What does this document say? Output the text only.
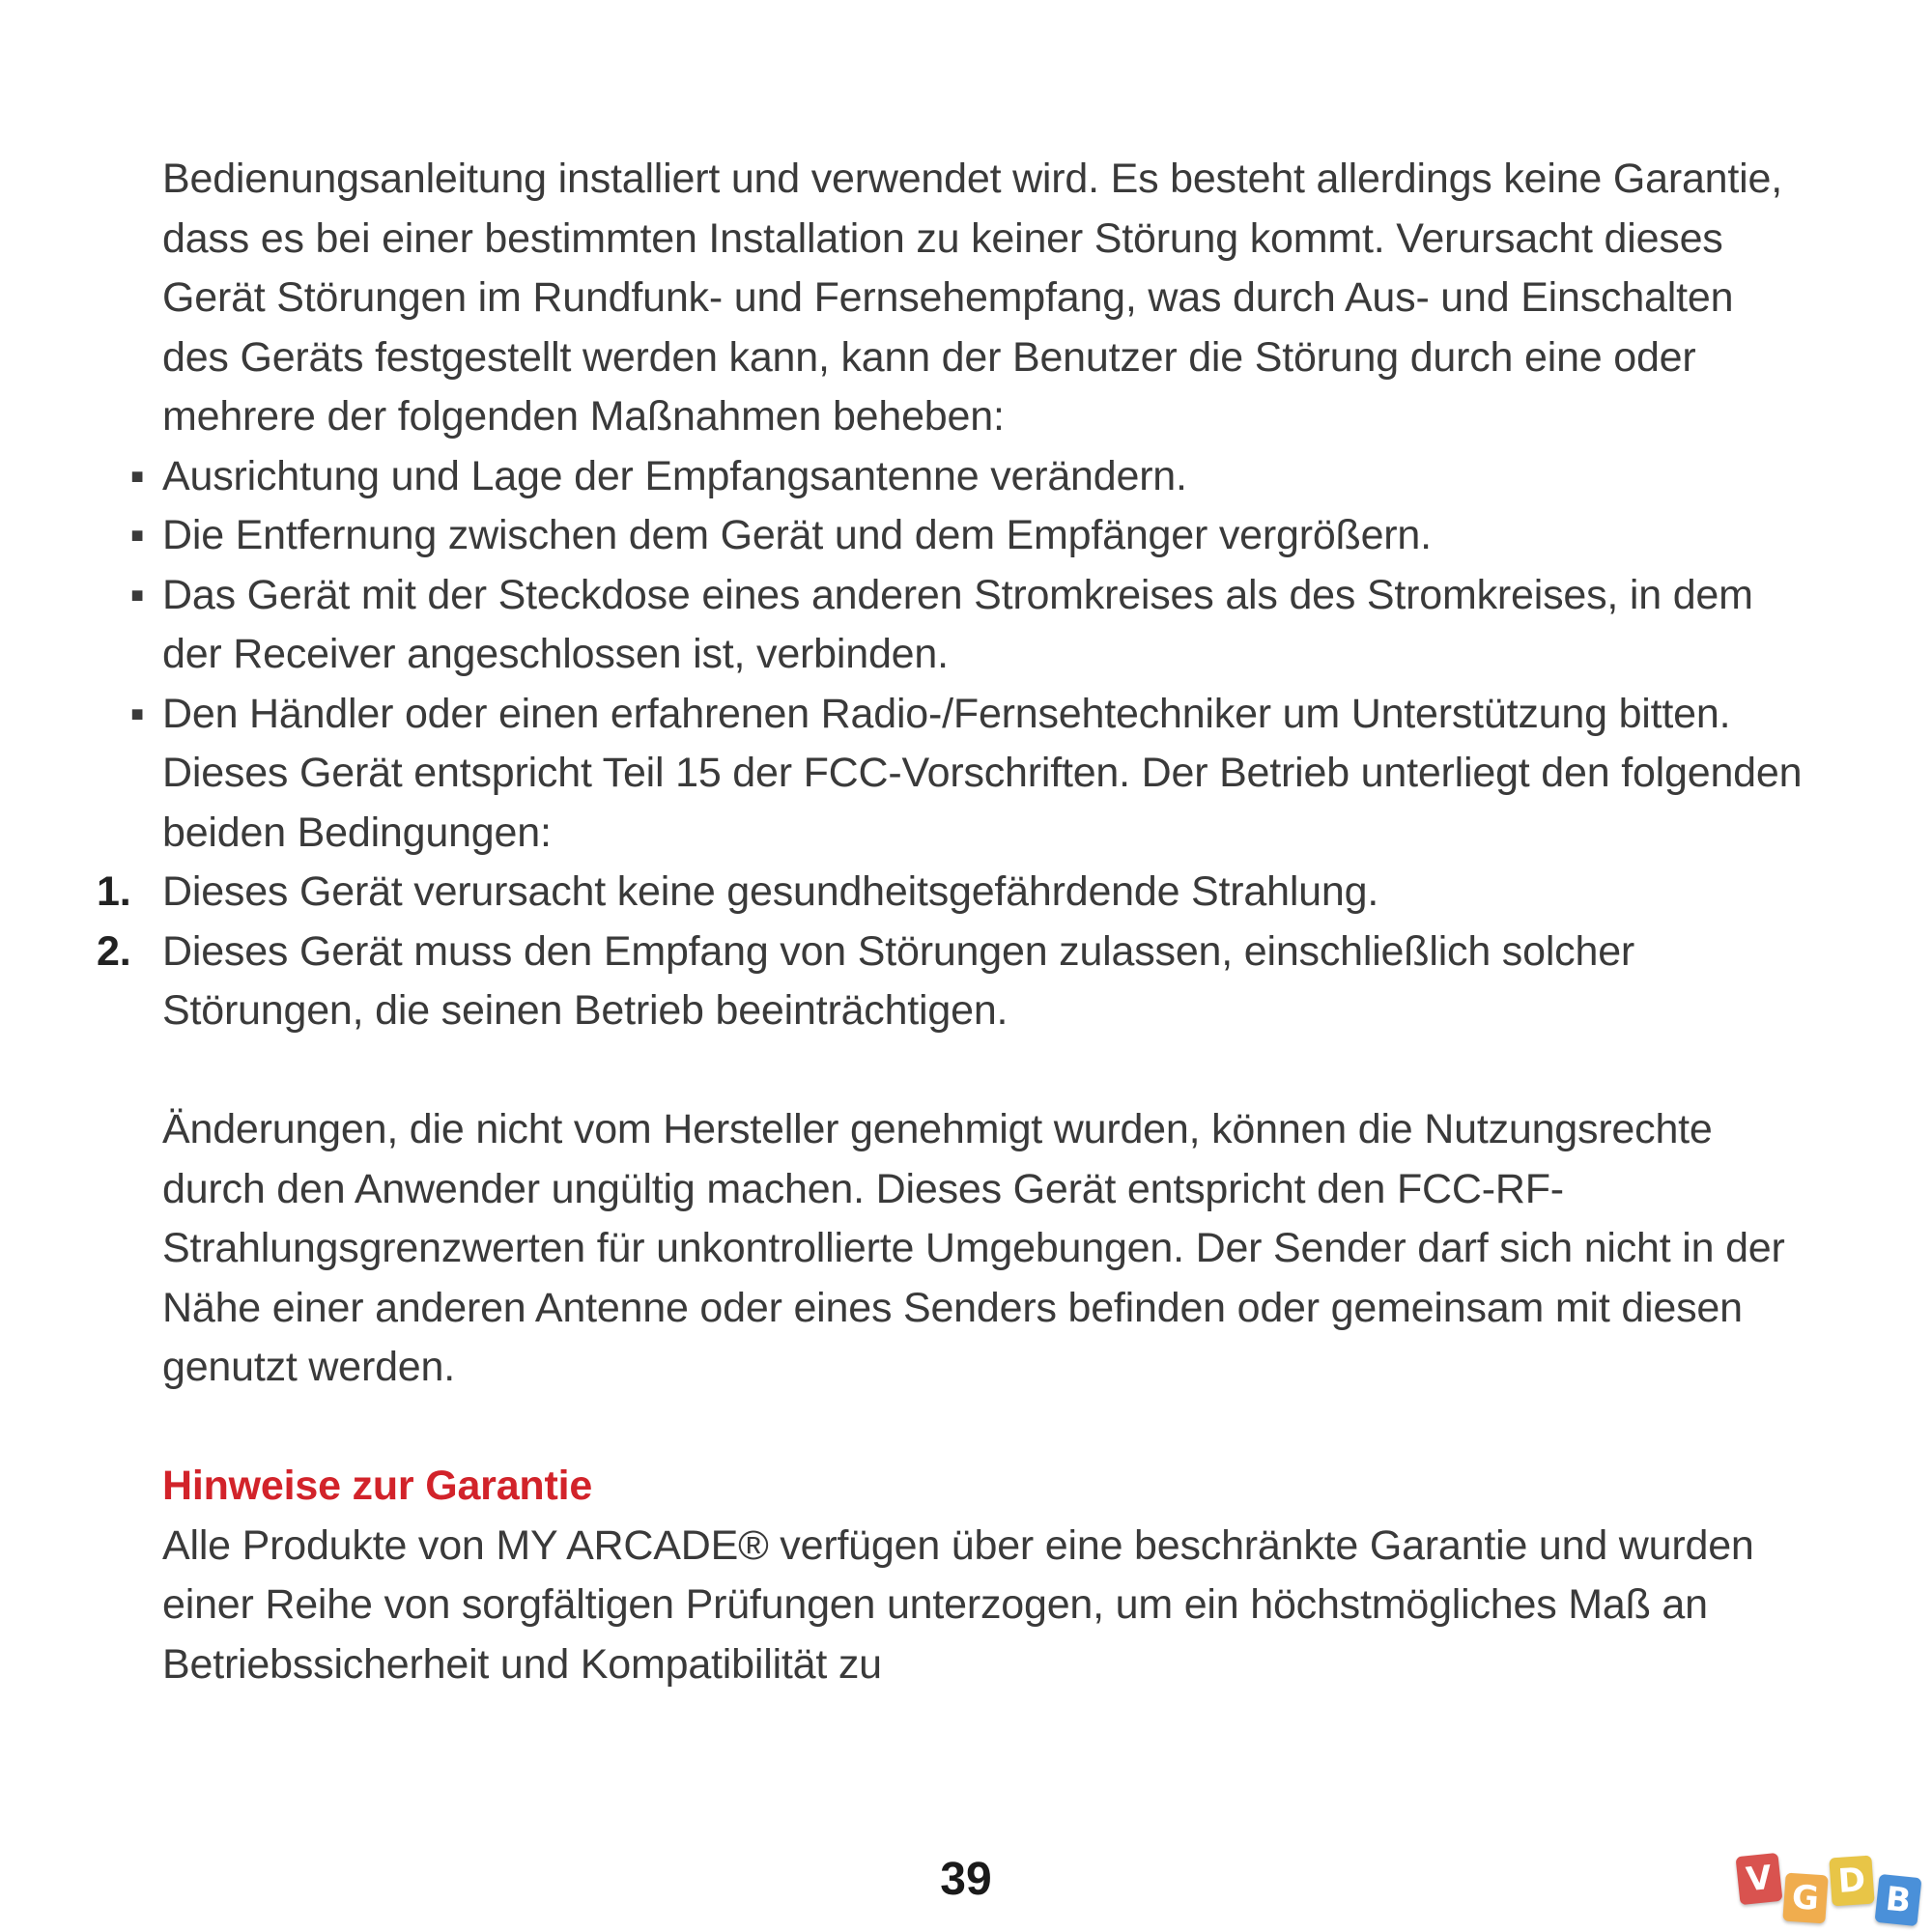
Bedienungsanleitung installiert und verwendet wird. Es besteht allerdings keine Garantie, dass es bei einer bestimmten Installation zu keiner Störung kommt. Verursacht dieses Gerät Störungen im Rundfunk- und Fernsehempfang, was durch Aus- und Einschalten des Geräts festgestellt werden kann, kann der Benutzer die Störung durch eine oder mehrere der folgenden Maßnahmen beheben:

▪ Ausrichtung und Lage der Empfangsantenne verändern.
▪ Die Entfernung zwischen dem Gerät und dem Empfänger vergrößern.
▪ Das Gerät mit der Steckdose eines anderen Stromkreises als des Stromkreises, in dem der Receiver angeschlossen ist, verbinden.
▪ Den Händler oder einen erfahrenen Radio-/Fernsehtechniker um Unterstützung bitten.

Dieses Gerät entspricht Teil 15 der FCC-Vorschriften. Der Betrieb unterliegt den folgenden beiden Bedingungen:

1. Dieses Gerät verursacht keine gesundheitsgefährdende Strahlung.
2. Dieses Gerät muss den Empfang von Störungen zulassen, einschließlich solcher Störungen, die seinen Betrieb beeinträchtigen.

Änderungen, die nicht vom Hersteller genehmigt wurden, können die Nutzungsrechte durch den Anwender ungültig machen. Dieses Gerät entspricht den FCC-RF-Strahlungsgrenzwerten für unkontrollierte Umgebungen. Der Sender darf sich nicht in der Nähe einer anderen Antenne oder eines Senders befinden oder gemeinsam mit diesen genutzt werden.

Hinweise zur Garantie

Alle Produkte von MY ARCADE® verfügen über eine beschränkte Garantie und wurden einer Reihe von sorgfältigen Prüfungen unterzogen, um ein höchstmögliches Maß an Betriebssicherheit und Kompatibilität zu

39	V G D B
